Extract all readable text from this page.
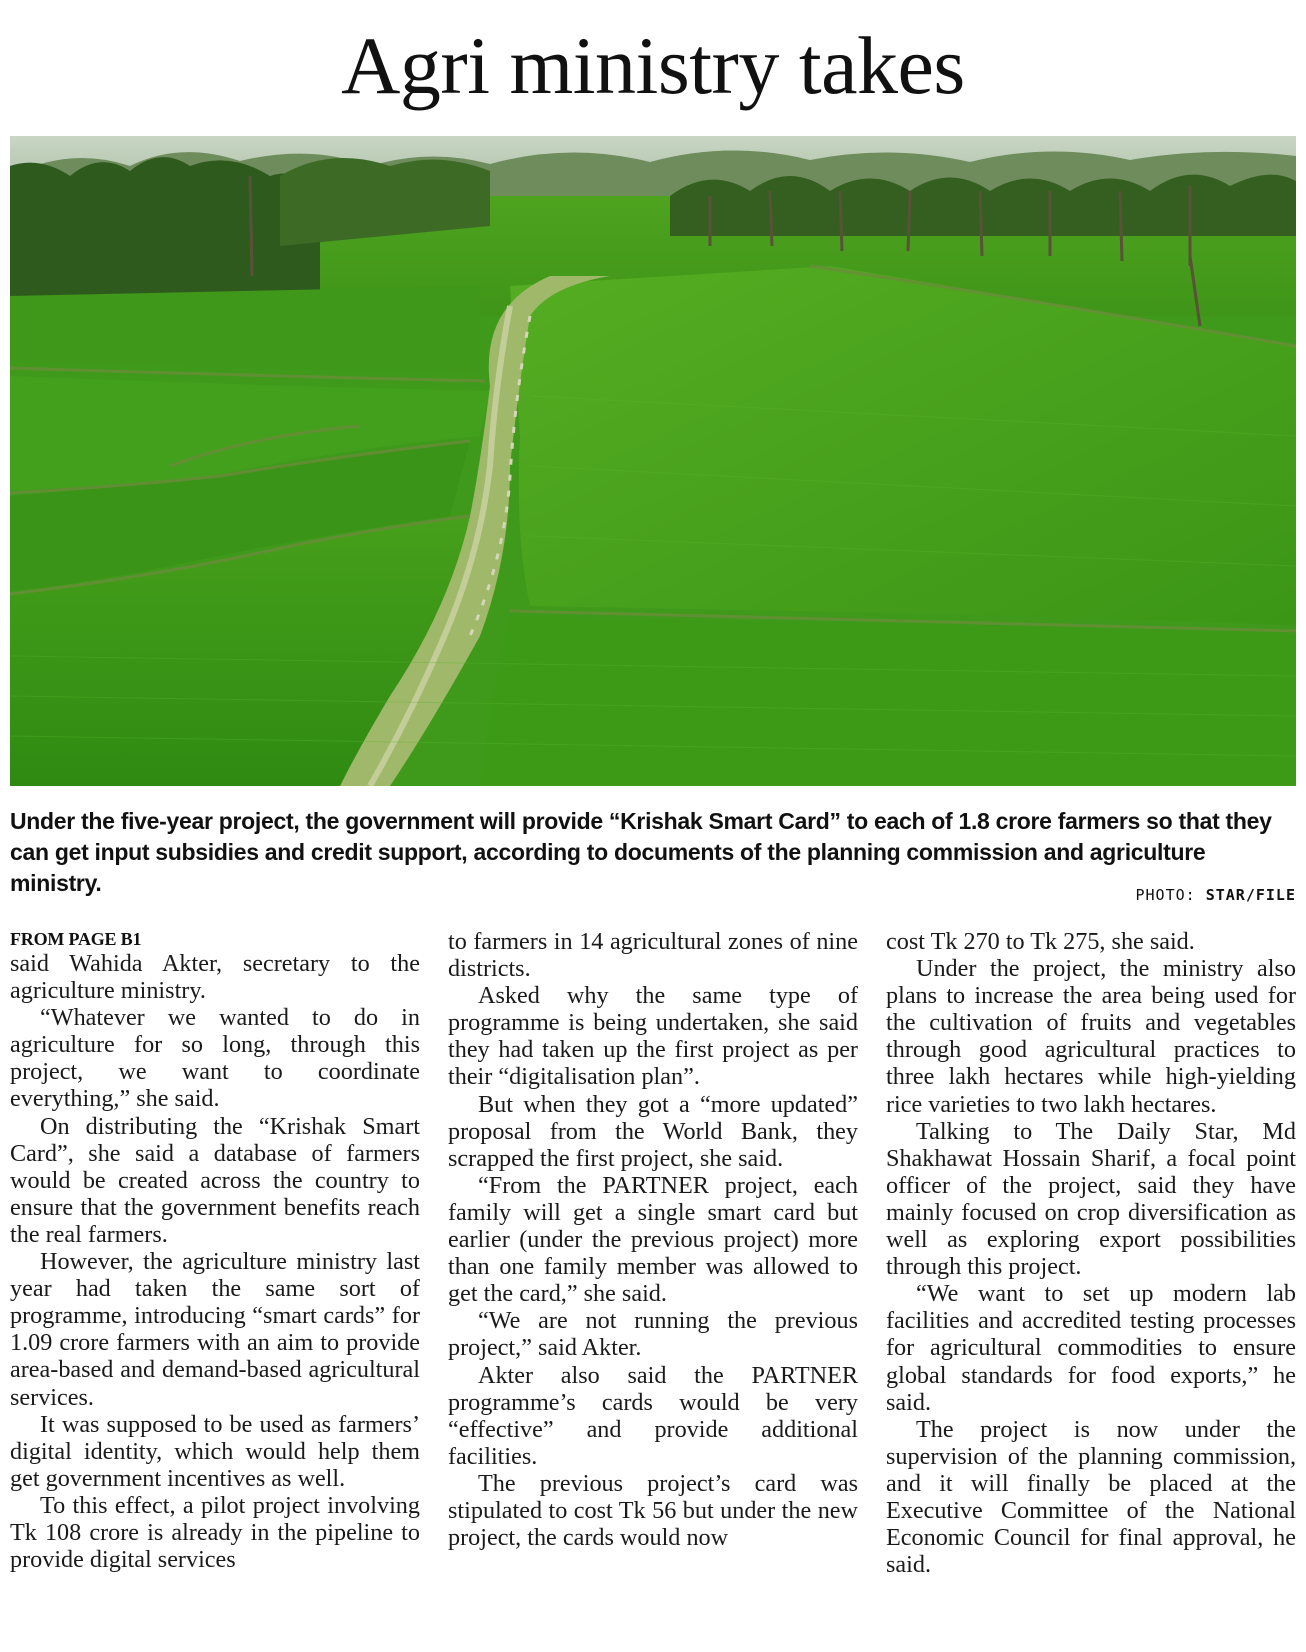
Agri ministry takes

Under the five-year project, the government will provide “Krishak Smart Card” to each of 1.8 crore farmers so that they can get input subsidies and credit support, according to documents of the planning commission and agriculture ministry.	PHOTO: STAR/FILE
FROM PAGE B1

said Wahida Akter, secretary to the agriculture ministry.

“Whatever we wanted to do in agriculture for so long, through this project, we want to coordinate everything,” she said.

On distributing the “Krishak Smart Card”, she said a database of farmers would be created across the country to ensure that the government benefits reach the real farmers.

However, the agriculture ministry last year had taken the same sort of programme, introducing “smart cards” for 1.09 crore farmers with an aim to provide area-based and demand-based agricultural services.

It was supposed to be used as farmers’ digital identity, which would help them get government incentives as well.

To this effect, a pilot project involving Tk 108 crore is already in the pipeline to provide digital services

to farmers in 14 agricultural zones of nine districts.

Asked why the same type of programme is being undertaken, she said they had taken up the first project as per their “digitalisation plan”.

But when they got a “more updated” proposal from the World Bank, they scrapped the first project, she said.

“From the PARTNER project, each family will get a single smart card but earlier (under the previous project) more than one family member was allowed to get the card,” she said.

“We are not running the previous project,” said Akter.

Akter also said the PARTNER programme’s cards would be very “effective” and provide additional facilities.

The previous project’s card was stipulated to cost Tk 56 but under the new project, the cards would now

cost Tk 270 to Tk 275, she said.

Under the project, the ministry also plans to increase the area being used for the cultivation of fruits and vegetables through good agricultural practices to three lakh hectares while high-yielding rice varieties to two lakh hectares.

Talking to The Daily Star, Md Shakhawat Hossain Sharif, a focal point officer of the project, said they have mainly focused on crop diversification as well as exploring export possibilities through this project.

“We want to set up modern lab facilities and accredited testing processes for agricultural commodities to ensure global standards for food exports,” he said.

The project is now under the supervision of the planning commission, and it will finally be placed at the Executive Committee of the National Economic Council for final approval, he said.
